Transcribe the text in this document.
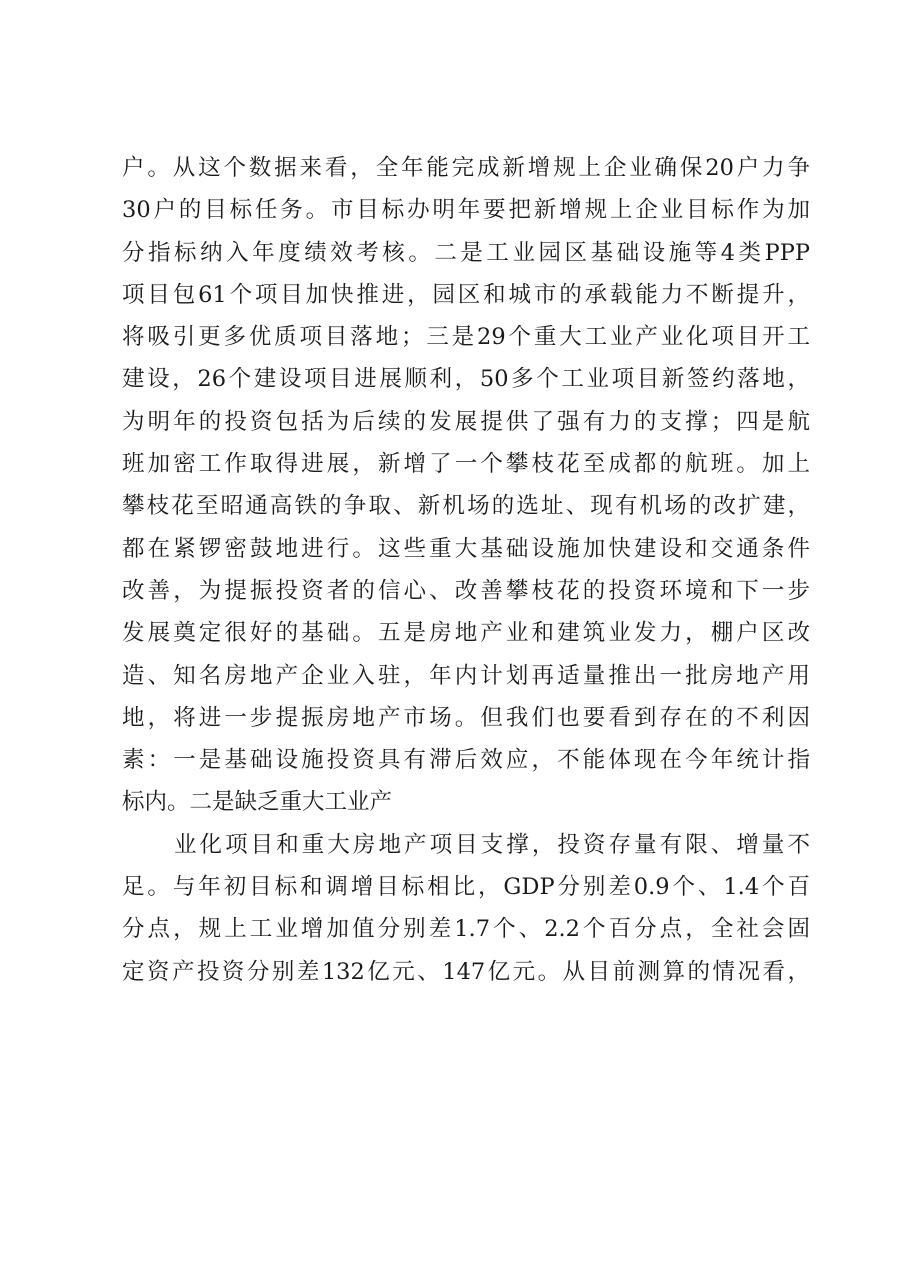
户。从这个数据来看，全年能完成新增规上企业确保20户力争
30户的目标任务。市目标办明年要把新增规上企业目标作为加
分指标纳入年度绩效考核。二是工业园区基础设施等4类PPP
项目包61个项目加快推进，园区和城市的承载能力不断提升，
将吸引更多优质项目落地；三是29个重大工业产业化项目开工
建设，26个建设项目进展顺利，50多个工业项目新签约落地，
为明年的投资包括为后续的发展提供了强有力的支撑；四是航
班加密工作取得进展，新增了一个攀枝花至成都的航班。加上
攀枝花至昭通高铁的争取、新机场的选址、现有机场的改扩建，
都在紧锣密鼓地进行。这些重大基础设施加快建设和交通条件
改善，为提振投资者的信心、改善攀枝花的投资环境和下一步
发展奠定很好的基础。五是房地产业和建筑业发力，棚户区改
造、知名房地产企业入驻，年内计划再适量推出一批房地产用
地，将进一步提振房地产市场。但我们也要看到存在的不利因
素：一是基础设施投资具有滞后效应，不能体现在今年统计指
标内。二是缺乏重大工业产
业化项目和重大房地产项目支撑，投资存量有限、增量不
足。与年初目标和调增目标相比，GDP分别差0.9个、1.4个百
分点，规上工业增加值分别差1.7个、2.2个百分点，全社会固
定资产投资分别差132亿元、147亿元。从目前测算的情况看，
